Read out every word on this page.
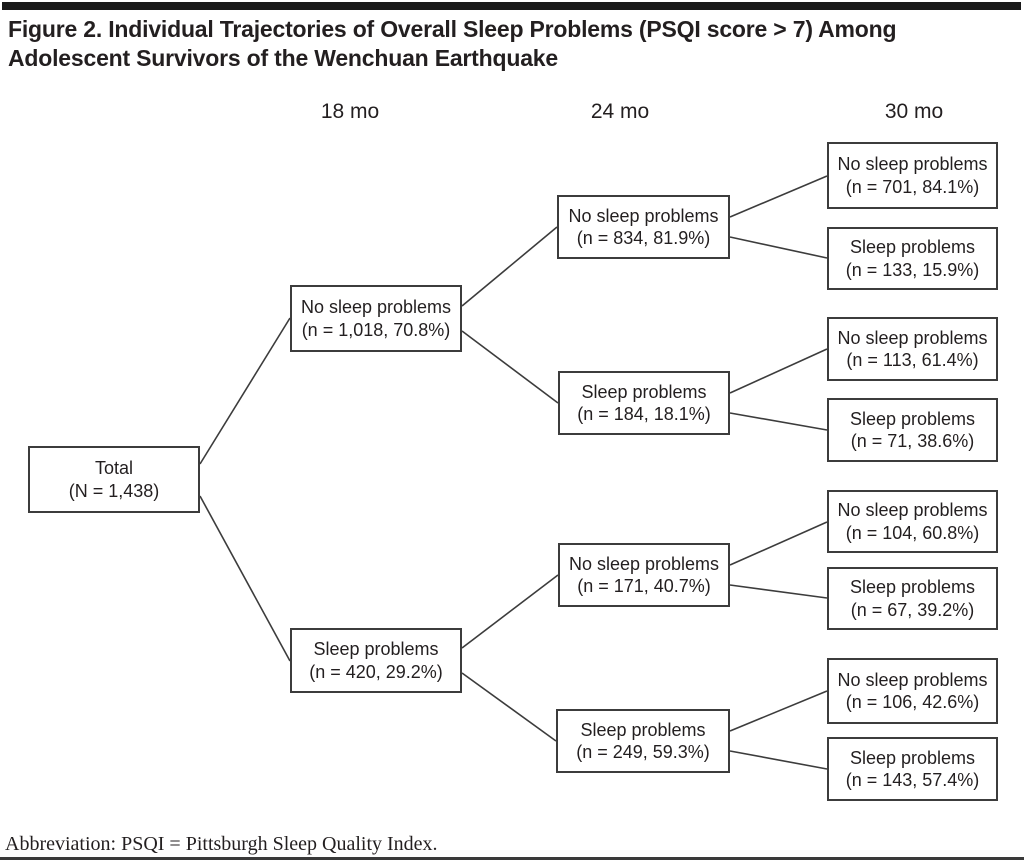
Figure 2. Individual Trajectories of Overall Sleep Problems (PSQI score > 7) Among
Adolescent Survivors of the Wenchuan Earthquake
18 mo	24 mo	30 mo
Total
(N = 1,438)
No sleep problems
(n = 1,018, 70.8%)
Sleep problems
(n = 420, 29.2%)
No sleep problems
(n = 834, 81.9%)
Sleep problems
(n = 184, 18.1%)
No sleep problems
(n = 171, 40.7%)
Sleep problems
(n = 249, 59.3%)
No sleep problems
(n = 701, 84.1%)
Sleep problems
(n = 133, 15.9%)
No sleep problems
(n = 113, 61.4%)
Sleep problems
(n = 71, 38.6%)
No sleep problems
(n = 104, 60.8%)
Sleep problems
(n = 67, 39.2%)
No sleep problems
(n = 106, 42.6%)
Sleep problems
(n = 143, 57.4%)
Abbreviation: PSQI = Pittsburgh Sleep Quality Index.
